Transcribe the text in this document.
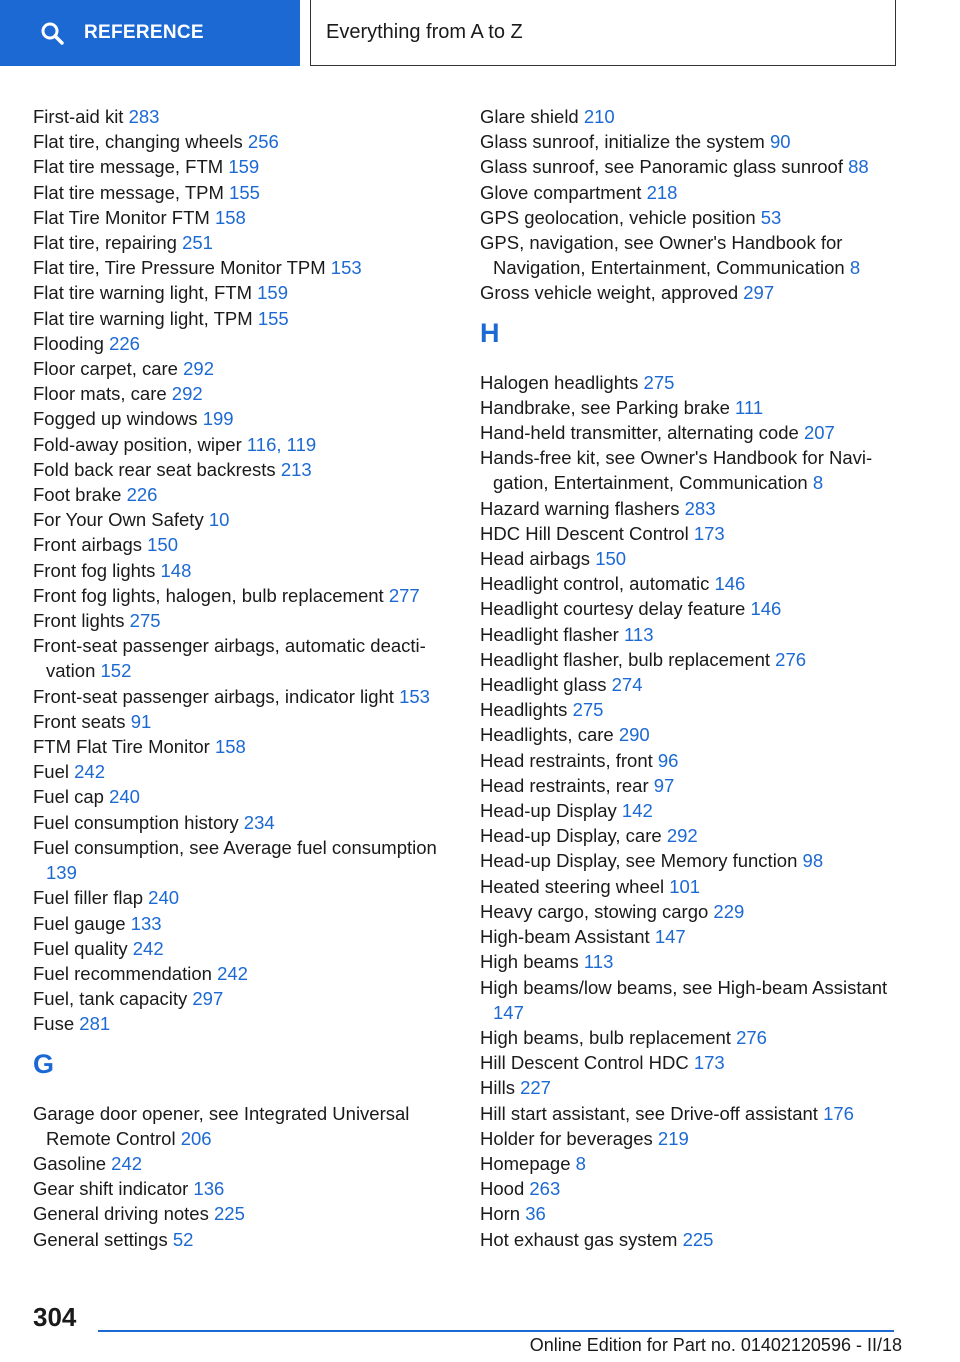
REFERENCE	Everything from A to Z
First-aid kit 283
Flat tire, changing wheels 256
Flat tire message, FTM 159
Flat tire message, TPM 155
Flat Tire Monitor FTM 158
Flat tire, repairing 251
Flat tire, Tire Pressure Monitor TPM 153
Flat tire warning light, FTM 159
Flat tire warning light, TPM 155
Flooding 226
Floor carpet, care 292
Floor mats, care 292
Fogged up windows 199
Fold-away position, wiper 116, 119
Fold back rear seat backrests 213
Foot brake 226
For Your Own Safety 10
Front airbags 150
Front fog lights 148
Front fog lights, halogen, bulb replacement 277
Front lights 275
Front-seat passenger airbags, automatic deactivation 152
Front-seat passenger airbags, indicator light 153
Front seats 91
FTM Flat Tire Monitor 158
Fuel 242
Fuel cap 240
Fuel consumption history 234
Fuel consumption, see Average fuel consumption 139
Fuel filler flap 240
Fuel gauge 133
Fuel quality 242
Fuel recommendation 242
Fuel, tank capacity 297
Fuse 281
G
Garage door opener, see Integrated Universal Remote Control 206
Gasoline 242
Gear shift indicator 136
General driving notes 225
General settings 52
Glare shield 210
Glass sunroof, initialize the system 90
Glass sunroof, see Panoramic glass sunroof 88
Glove compartment 218
GPS geolocation, vehicle position 53
GPS, navigation, see Owner's Handbook for Navigation, Entertainment, Communication 8
Gross vehicle weight, approved 297
H
Halogen headlights 275
Handbrake, see Parking brake 111
Hand-held transmitter, alternating code 207
Hands-free kit, see Owner's Handbook for Navigation, Entertainment, Communication 8
Hazard warning flashers 283
HDC Hill Descent Control 173
Head airbags 150
Headlight control, automatic 146
Headlight courtesy delay feature 146
Headlight flasher 113
Headlight flasher, bulb replacement 276
Headlight glass 274
Headlights 275
Headlights, care 290
Head restraints, front 96
Head restraints, rear 97
Head-up Display 142
Head-up Display, care 292
Head-up Display, see Memory function 98
Heated steering wheel 101
Heavy cargo, stowing cargo 229
High-beam Assistant 147
High beams 113
High beams/low beams, see High-beam Assistant 147
High beams, bulb replacement 276
Hill Descent Control HDC 173
Hills 227
Hill start assistant, see Drive-off assistant 176
Holder for beverages 219
Homepage 8
Hood 263
Horn 36
Hot exhaust gas system 225
304
Online Edition for Part no. 01402120596 - II/18
